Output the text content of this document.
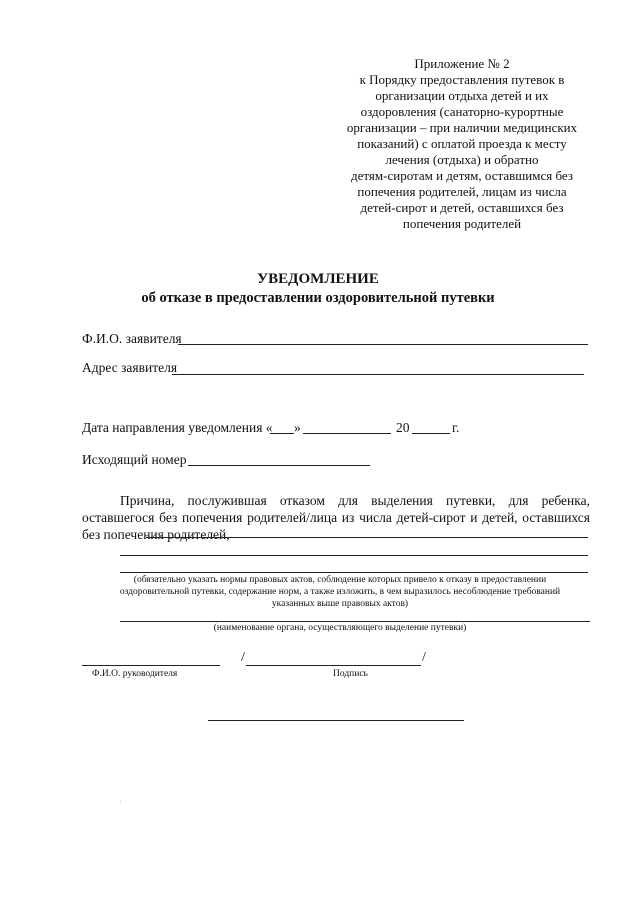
Приложение № 2
к Порядку предоставления путевок в
организации отдыха детей и их
оздоровления (санаторно-курортные
организации – при наличии медицинских
показаний) с оплатой проезда к месту
лечения (отдыха) и обратно
детям-сиротам и детям, оставшимся без
попечения родителей, лицам из числа
детей-сирот и детей, оставшихся без
попечения родителей
УВЕДОМЛЕНИЕ
об отказе в предоставлении оздоровительной путевки
Ф.И.О. заявителя
Адрес заявителя
Дата направления уведомления « »	20	г.
Исходящий номер
Причина, послужившая отказом для выделения путевки, для ребенка, оставшегося без попечения родителей/лица из числа детей-сирот и детей, оставшихся без попечения родителей,
(обязательно указать нормы правовых актов, соблюдение которых привело к отказу в предоставлении оздоровительной путевки, содержание норм, а также изложить, в чем выразилось несоблюдение требований указанных выше правовых актов)
(наименование органа, осуществляющего выделение путевки)
/	/
Ф.И.О. руководителя	Подпись
